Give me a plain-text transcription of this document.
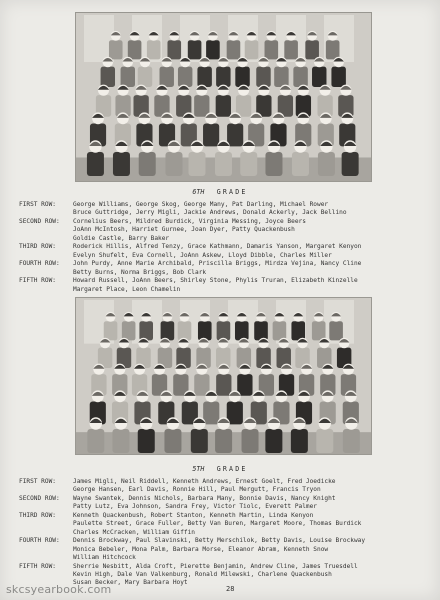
6TH GRADE
FIRST ROW:	George Williams, George Skog, George Many, Pat Darling, Michael Rower
Bruce Guttridge, Jerry Migli, Jackie Andrews, Donald Ackerly, Jack Bellino
SECOND ROW: Cornelius Beers, Mildred Burdick, Virginia Messing, Joyce Beers
JoAnn McIntosh, Harriet Gurnee, Joan Dyer, Patty Quackenbush
Goldie Castle, Barry Baker
THIRD ROW:	Roderick Hillis, Alfred Tenzy, Grace Kathmann, Damaris Yanson, Margaret Kenyon
Evelyn Shufelt, Eva Cornell, JoAnn Askew, Lloyd Dibble, Charles Miller
FOURTH ROW: John Purdy, Anne Marie Archibald, Priscilla Briggs, Mirdza Vejina, Nancy Cline
Betty Burns, Norma Briggs, Bob Clark
FIFTH ROW:	Howard Russell, JoAnn Beers, Shirley Stone, Phylis Truran, Elizabeth Kinzelle
Margaret Place, Leon Chamelin
5TH GRADE
FIRST ROW:	James Migli, Neil Riddell, Kenneth Andrews, Ernest Goelt, Fred Joedicke
George Hansen, Earl Davis, Ronnie Hill, Paul Mergutt, Francis Tryon
SECOND ROW: Wayne Swantek, Dennis Nichols, Barbara Many, Bonnie Davis, Nancy Knight
Patty Lutz, Eva Johnson, Sandra Frey, Victor Tiolc, Everett Palmer
THIRD ROW:	Kenneth Quackenbush, Robert Stanton, Kenneth Martin, Linda Kenyon
Paulette Street, Grace Fuller, Betty Van Buren, Margaret Moore, Thomas Burdick
Charles McCracken, William Giffin
FOURTH ROW: Dennis Brockway, Paul Slavinski, Betty Merschilok, Betty Davis, Louise Brockway
Monica Bebeler, Mona Palm, Barbara Morse, Eleanor Abram, Kenneth Snow
William Hitchcock
FIFTH ROW:	Sherrie Nesbitt, Alda Croft, Pierette Benjamin, Andrew Cline, James Truesdell
Kevin High, Dale Van Valkenburg, Ronald Milewski, Charlene Quackenbush
Susan Becker, Mary Barbara Hoyt
28
skcsyearbook.com
